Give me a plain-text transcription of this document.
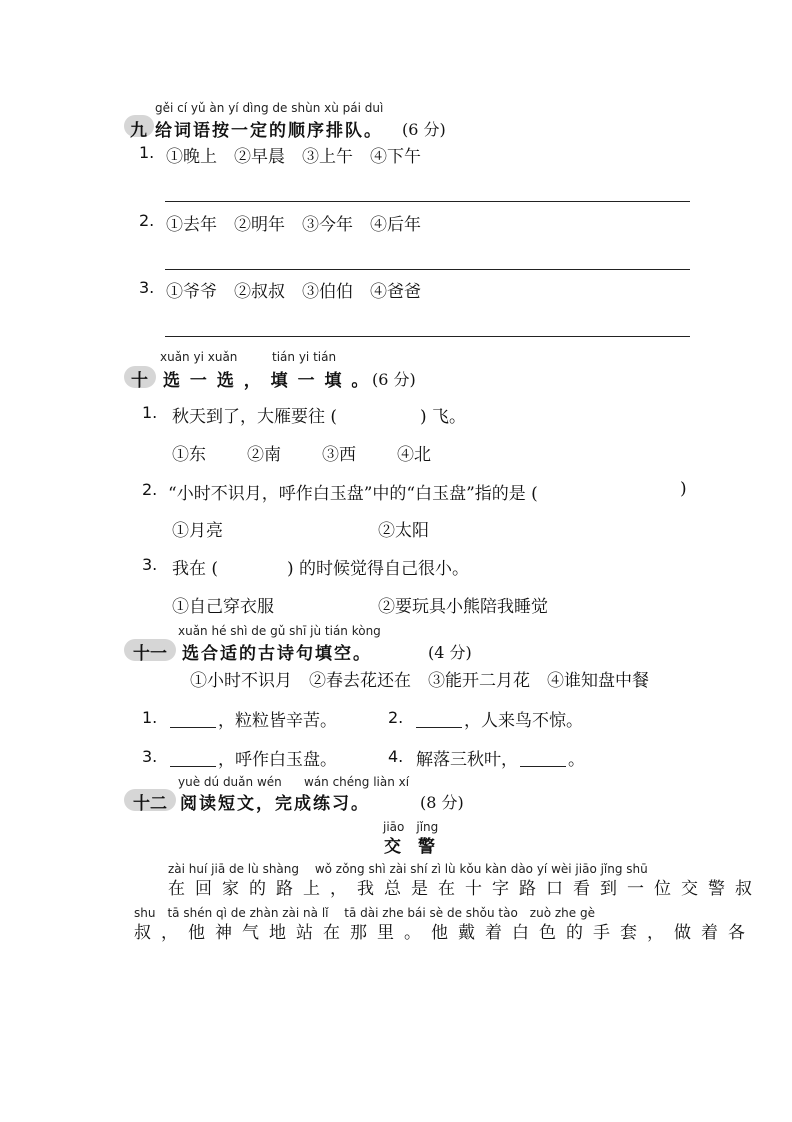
gěi cí yǔ àn yí dìng de shùn xù pái duì
九 给词语按一定的顺序排队。 (6 分)
1. ①晚上　②早晨　③上午　④下午
2. ①去年　②明年　③今年　④后年
3. ①爷爷　②叔叔　③伯伯　④爸爸
xuǎn yi xuǎn	tián yi tián
十 选 一 选 ， 填 一 填 。 (6 分)
1. 秋天到了，大雁要往 (	) 飞。
①东 ②南 ③西 ④北
2. “小时不识月，呼作白玉盘”中的“白玉盘”指的是 (	)
①月亮	②太阳
3. 我在 (	) 的时候觉得自己很小。
①自己穿衣服	②要玩具小熊陪我睡觉
xuǎn hé shì de gǔ shī jù tián kòng
十一 选合适的古诗句填空。	(4 分)
①小时不识月　②春去花还在　③能开二月花　④谁知盘中餐
1.	，粒粒皆辛苦。	2.	，人来鸟不惊。
3.	，呼作白玉盘。	4. 解落三秋叶，	。
yuè dú duǎn wén wán chéng liàn xí
十二 阅读短文，完成练习。	(8 分)
jiāo　jǐng
交　警
zài huí jiā de lù shàng　 wǒ zǒng shì zài shí zì lù kǒu kàn dào yí wèi jiāo jǐng shū
在回家的路上，我总是在十字路口看到一位交警叔
shu　tā shén qì de zhàn zài nà lǐ　 tā dài zhe bái sè de shǒu tào　zuò zhe gè
叔，他神气地站在那里。他戴着白色的手套，做着各
